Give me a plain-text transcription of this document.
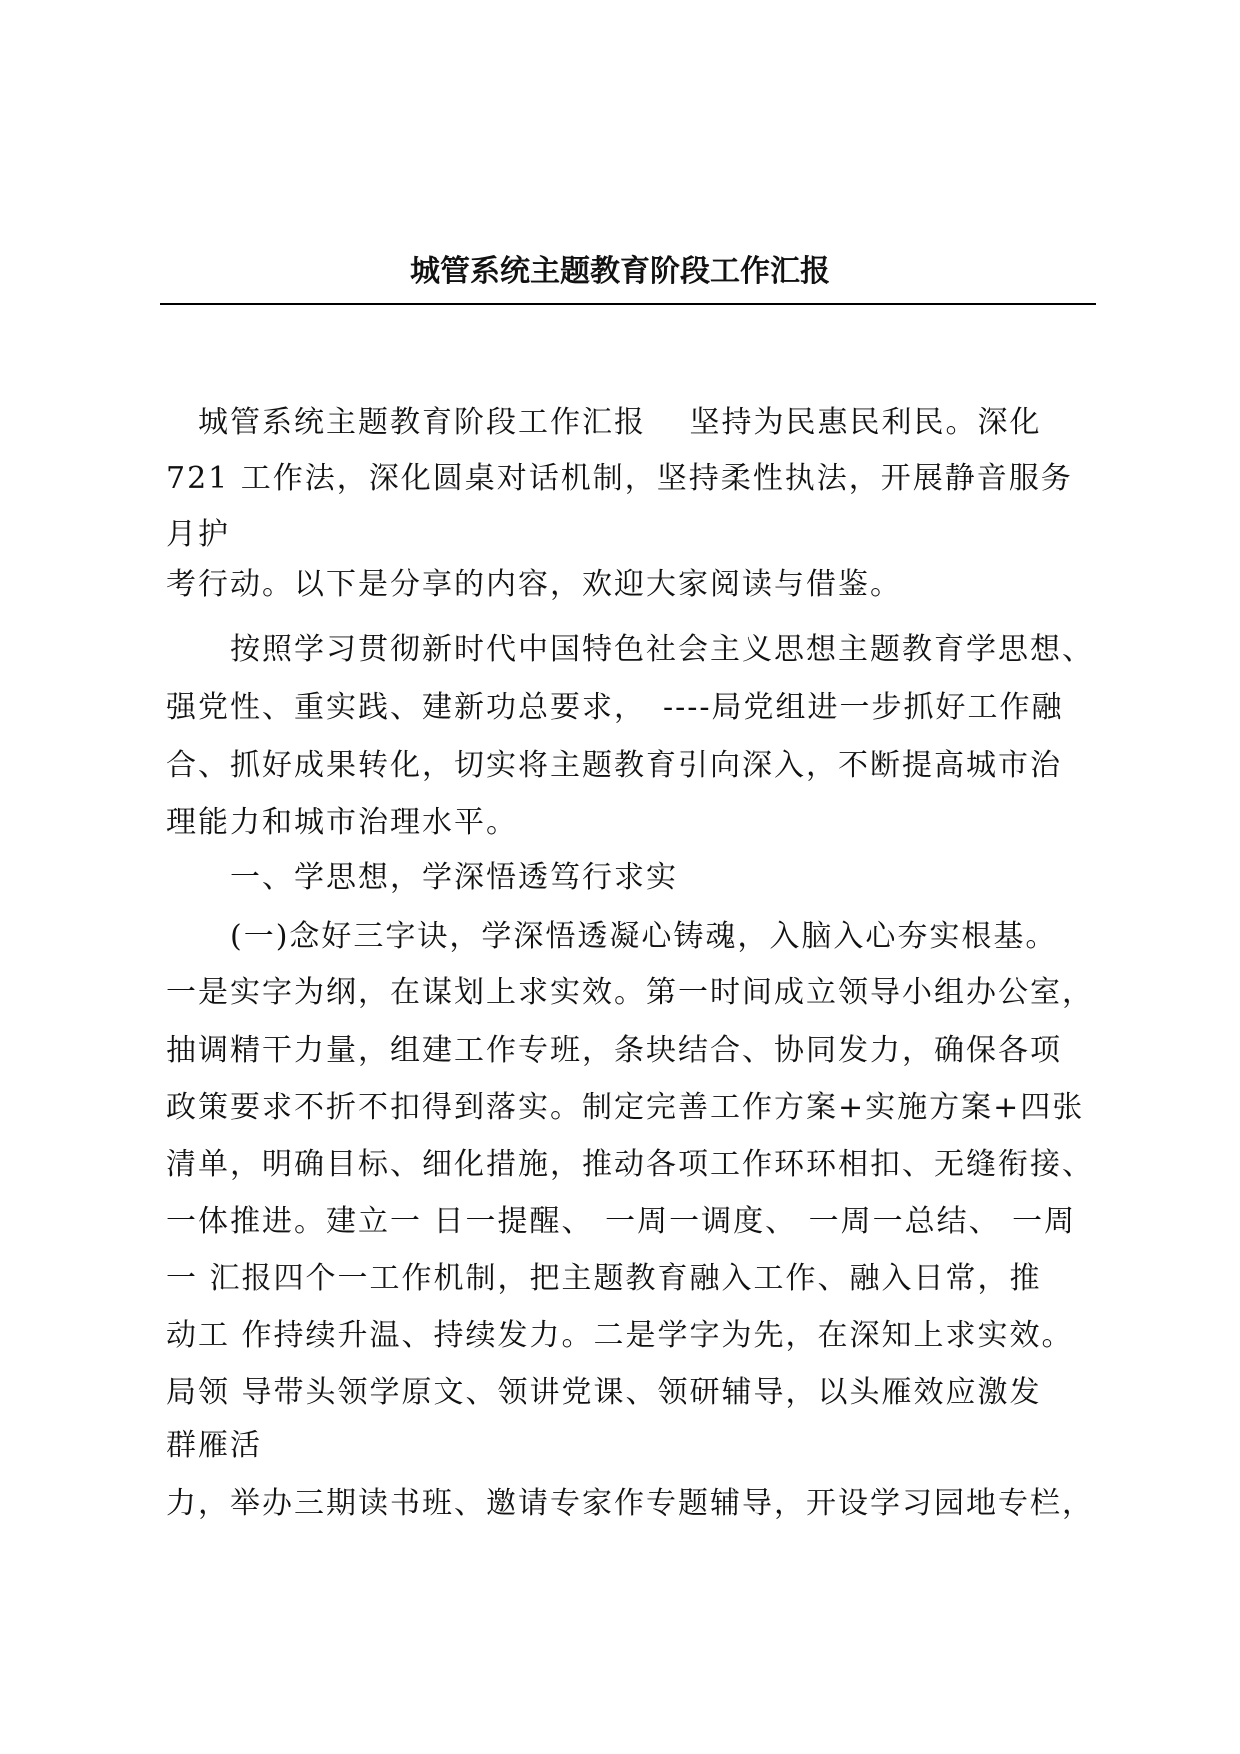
城管系统主题教育阶段工作汇报

　城管系统主题教育阶段工作汇报　 坚持为民惠民利民。深化

721 工作法，深化圆桌对话机制，坚持柔性执法，开展静音服务

月护

考行动。以下是分享的内容，欢迎大家阅读与借鉴。

　　按照学习贯彻新时代中国特色社会主义思想主题教育学思想、

强党性、重实践、建新功总要求，　----局党组进一步抓好工作融

合、抓好成果转化，切实将主题教育引向深入，不断提高城市治

理能力和城市治理水平。

　　一、学思想，学深悟透笃行求实

　　(一)念好三字诀，学深悟透凝心铸魂，入脑入心夯实根基。

一是实字为纲，在谋划上求实效。第一时间成立领导小组办公室，

抽调精干力量，组建工作专班，条块结合、协同发力，确保各项

政策要求不折不扣得到落实。制定完善工作方案+实施方案+四张

清单，明确目标、细化措施，推动各项工作环环相扣、无缝衔接、

一体推进。建立一 日一提醒、 一周一调度、 一周一总结、 一周

一 汇报四个一工作机制，把主题教育融入工作、融入日常，推

动工 作持续升温、持续发力。二是学字为先，在深知上求实效。

局领 导带头领学原文、领讲党课、领研辅导，以头雁效应激发

群雁活

力，举办三期读书班、邀请专家作专题辅导，开设学习园地专栏，
